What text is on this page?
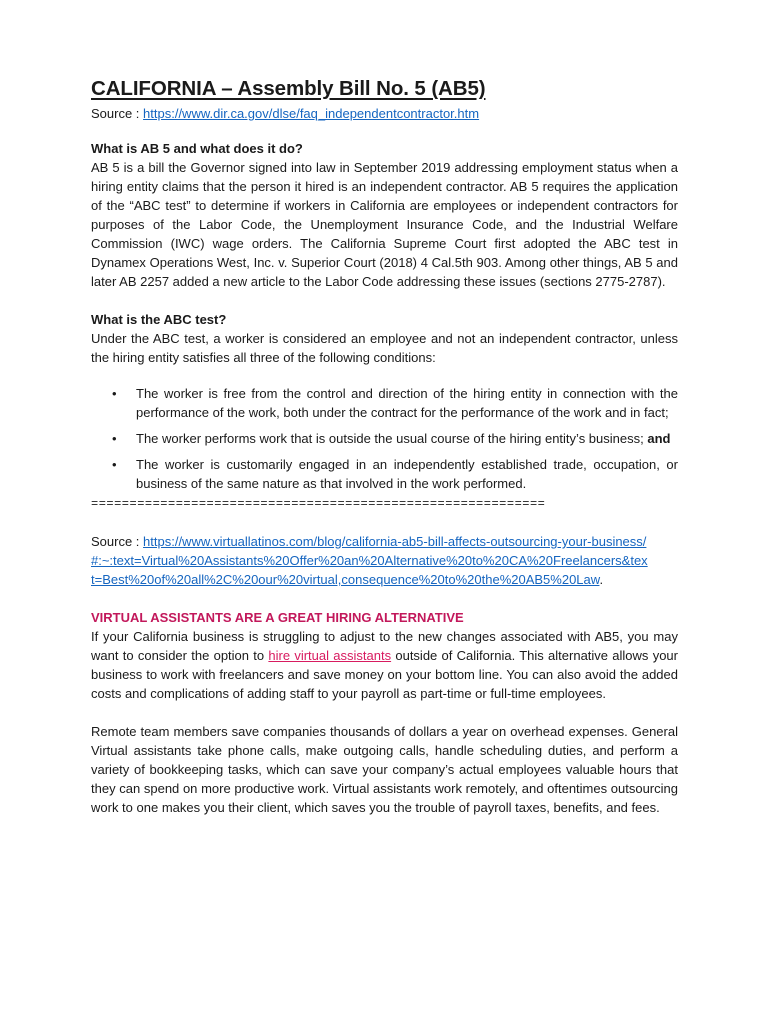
CALIFORNIA – Assembly Bill No. 5 (AB5)

Source : https://www.dir.ca.gov/dlse/faq_independentcontractor.htm

What is AB 5 and what does it do?

AB 5 is a bill the Governor signed into law in September 2019 addressing employment status when a hiring entity claims that the person it hired is an independent contractor. AB 5 requires the application of the “ABC test” to determine if workers in California are employees or independent contractors for purposes of the Labor Code, the Unemployment Insurance Code, and the Industrial Welfare Commission (IWC) wage orders. The California Supreme Court first adopted the ABC test in Dynamex Operations West, Inc. v. Superior Court (2018) 4 Cal.5th 903. Among other things, AB 5 and later AB 2257 added a new article to the Labor Code addressing these issues (sections 2775-2787).

What is the ABC test?

Under the ABC test, a worker is considered an employee and not an independent contractor, unless the hiring entity satisfies all three of the following conditions:

• The worker is free from the control and direction of the hiring entity in connection with the performance of the work, both under the contract for the performance of the work and in fact;
• The worker performs work that is outside the usual course of the hiring entity’s business; and
• The worker is customarily engaged in an independently established trade, occupation, or business of the same nature as that involved in the work performed.

===========================================================

Source : https://www.virtuallatinos.com/blog/california-ab5-bill-affects-outsourcing-your-business/#:~:text=Virtual%20Assistants%20Offer%20an%20Alternative%20to%20CA%20Freelancers&text=Best%20of%20all%2C%20our%20virtual,consequence%20to%20the%20AB5%20Law.

VIRTUAL ASSISTANTS ARE A GREAT HIRING ALTERNATIVE

If your California business is struggling to adjust to the new changes associated with AB5, you may want to consider the option to hire virtual assistants outside of California. This alternative allows your business to work with freelancers and save money on your bottom line. You can also avoid the added costs and complications of adding staff to your payroll as part-time or full-time employees.

Remote team members save companies thousands of dollars a year on overhead expenses. General Virtual assistants take phone calls, make outgoing calls, handle scheduling duties, and perform a variety of bookkeeping tasks, which can save your company’s actual employees valuable hours that they can spend on more productive work. Virtual assistants work remotely, and oftentimes outsourcing work to one makes you their client, which saves you the trouble of payroll taxes, benefits, and fees.
